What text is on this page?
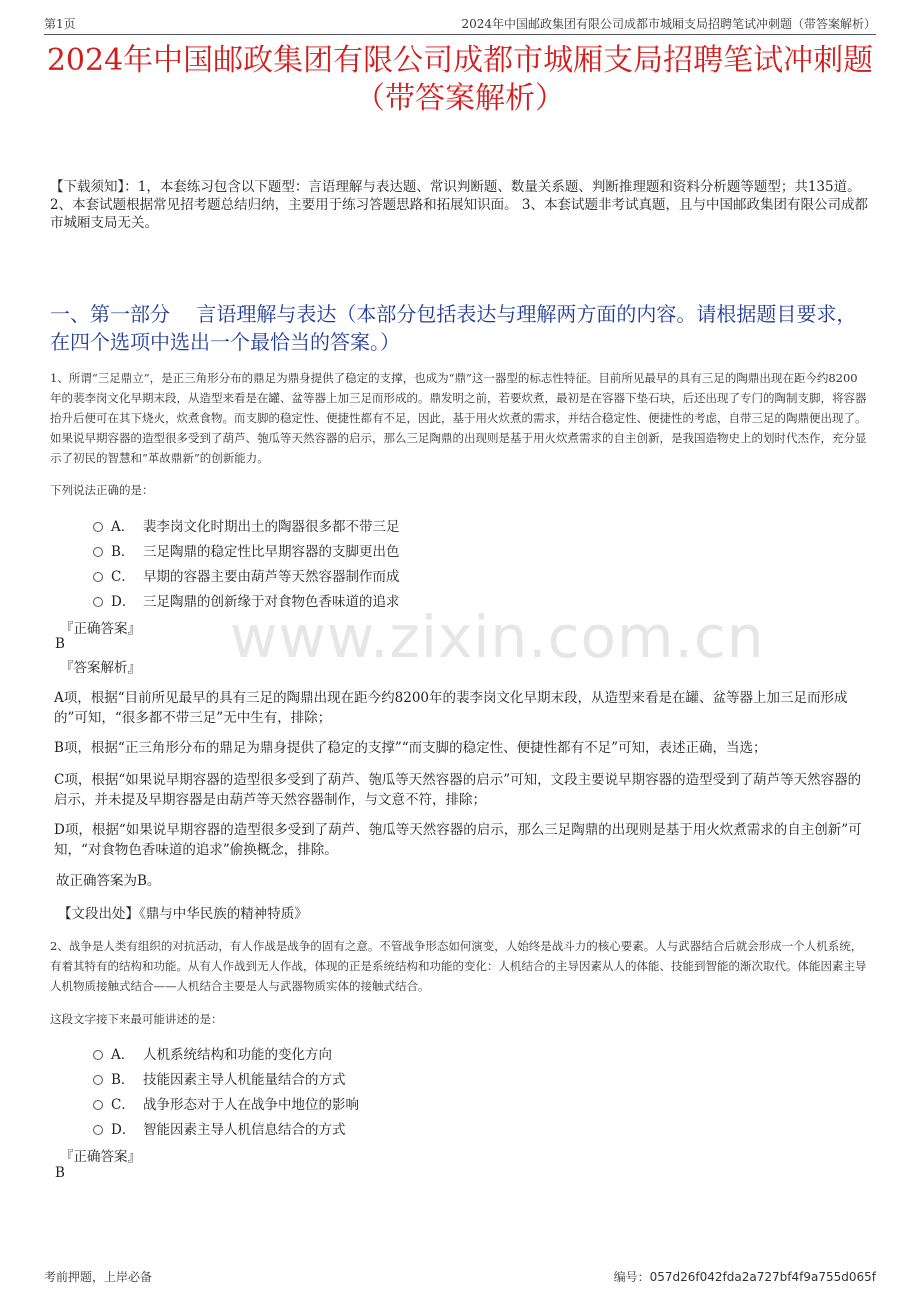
第1页	2024年中国邮政集团有限公司成都市城厢支局招聘笔试冲刺题（带答案解析）
2024年中国邮政集团有限公司成都市城厢支局招聘笔试冲刺题
（带答案解析）
【下载须知】：1，本套练习包含以下题型：言语理解与表达题、常识判断题、数量关系题、判断推理题和资料分析题等题型；共135道。 2、本套试题根据常见招考题总结归纳，主要用于练习答题思路和拓展知识面。 3、本套试题非考试真题，且与中国邮政集团有限公司成都市城厢支局无关。
一、第一部分　 言语理解与表达（本部分包括表达与理解两方面的内容。请根据题目要求，在四个选项中选出一个最恰当的答案。）
1、所谓“三足鼎立”，是正三角形分布的鼎足为鼎身提供了稳定的支撑，也成为“鼎”这一器型的标志性特征。目前所见最早的具有三足的陶鼎出现在距今约8200年的裴李岗文化早期末段，从造型来看是在罐、盆等器上加三足而形成的。鼎发明之前，若要炊煮，最初是在容器下垫石块，后还出现了专门的陶制支脚，将容器抬升后便可在其下烧火，炊煮食物。而支脚的稳定性、便捷性都有不足，因此，基于用火炊煮的需求，并结合稳定性、便捷性的考虑，自带三足的陶鼎便出现了。如果说早期容器的造型很多受到了葫芦、匏瓜等天然容器的启示，那么三足陶鼎的出现则是基于用火炊煮需求的自主创新，是我国造物史上的划时代杰作，充分显示了初民的智慧和“革故鼎新”的创新能力。
下列说法正确的是：
A． 裴李岗文化时期出土的陶器很多都不带三足
B． 三足陶鼎的稳定性比早期容器的支脚更出色
C． 早期的容器主要由葫芦等天然容器制作而成
D． 三足陶鼎的创新缘于对食物色香味道的追求
www.zixin.com.cn
『正确答案』
B
『答案解析』
A项，根据“目前所见最早的具有三足的陶鼎出现在距今约8200年的裴李岗文化早期末段，从造型来看是在罐、盆等器上加三足而形成的”可知，“很多都不带三足”无中生有，排除；
B项，根据“正三角形分布的鼎足为鼎身提供了稳定的支撑”“而支脚的稳定性、便捷性都有不足”可知，表述正确，当选；
C项，根据“如果说早期容器的造型很多受到了葫芦、匏瓜等天然容器的启示”可知，文段主要说早期容器的造型受到了葫芦等天然容器的启示，并未提及早期容器是由葫芦等天然容器制作，与文意不符，排除；
D项，根据“如果说早期容器的造型很多受到了葫芦、匏瓜等天然容器的启示，那么三足陶鼎的出现则是基于用火炊煮需求的自主创新”可知，“对食物色香味道的追求”偷换概念，排除。
故正确答案为B。
【文段出处】《鼎与中华民族的精神特质》
2、战争是人类有组织的对抗活动，有人作战是战争的固有之意。不管战争形态如何演变，人始终是战斗力的核心要素。人与武器结合后就会形成一个人机系统，有着其特有的结构和功能。从有人作战到无人作战，体现的正是系统结构和功能的变化：人机结合的主导因素从人的体能、技能到智能的渐次取代。体能因素主导人机物质接触式结合——人机结合主要是人与武器物质实体的接触式结合。
这段文字接下来最可能讲述的是：
A． 人机系统结构和功能的变化方向
B． 技能因素主导人机能量结合的方式
C． 战争形态对于人在战争中地位的影响
D． 智能因素主导人机信息结合的方式
『正确答案』
B
考前押题，上岸必备	编号：057d26f042fda2a727bf4f9a755d065f
